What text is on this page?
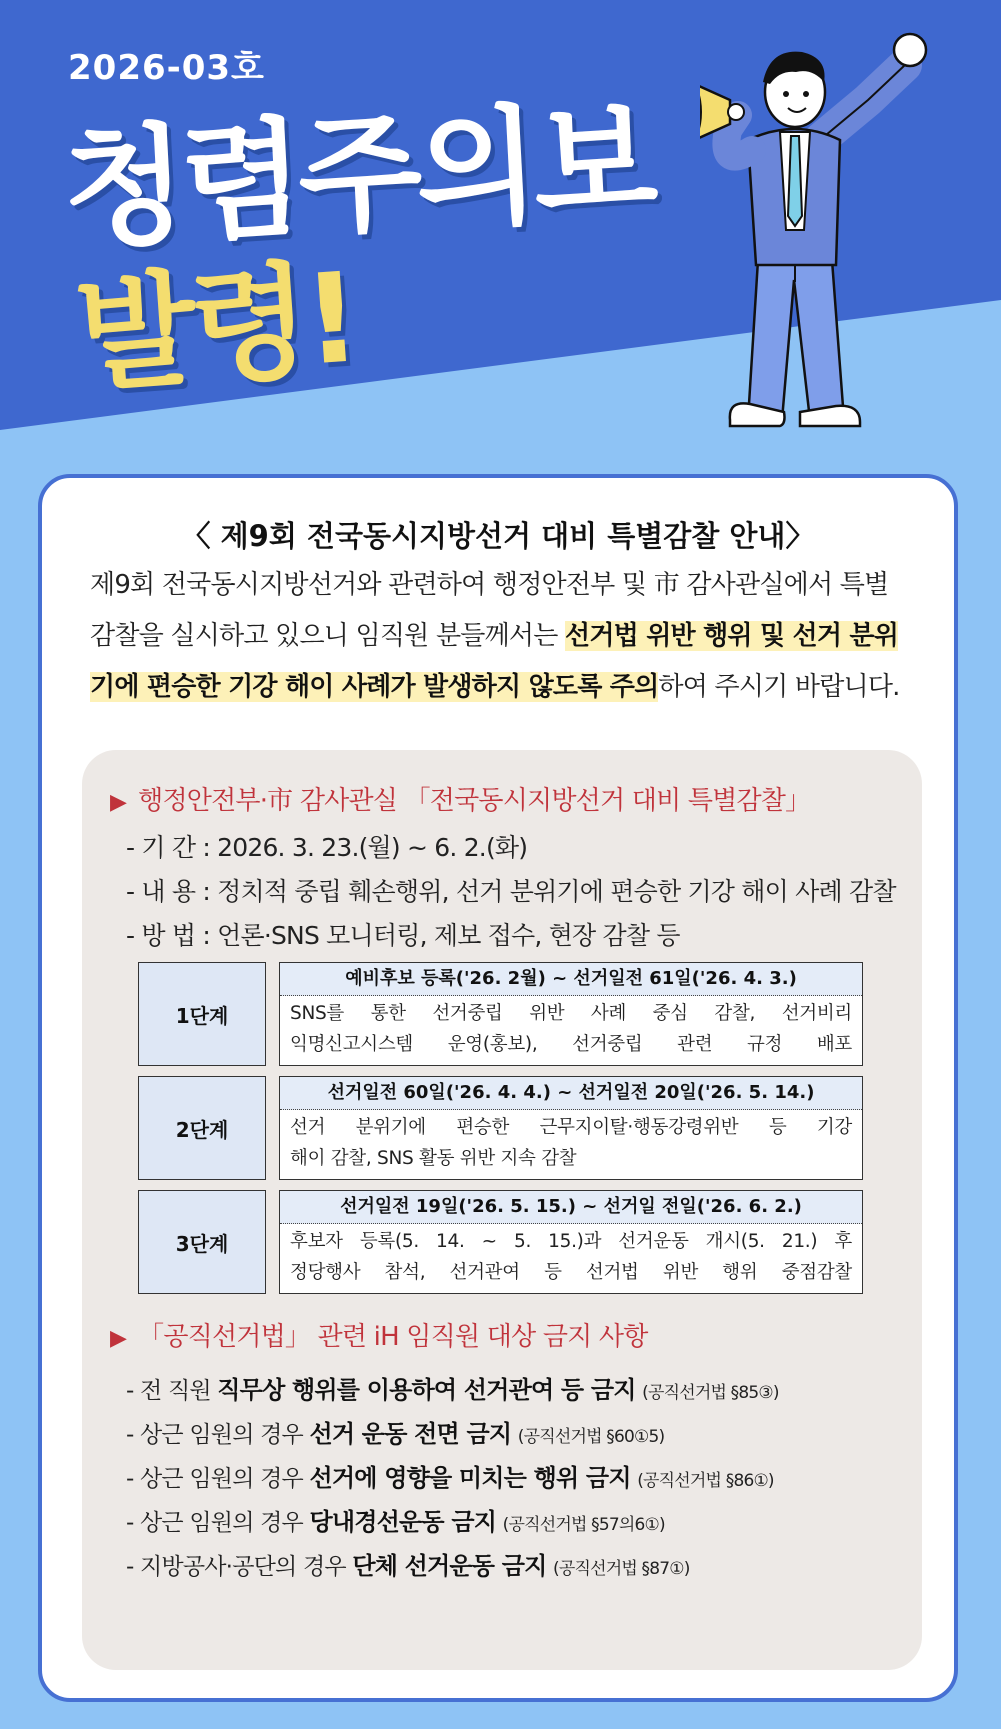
2026-03호
청렴주의보
발령!
〈 제9회 전국동시지방선거 대비 특별감찰 안내〉
제9회 전국동시지방선거와 관련하여 행정안전부 및 市 감사관실에서 특별감찰을 실시하고 있으니 임직원 분들께서는 선거법 위반 행위 및 선거 분위기에 편승한 기강 해이 사례가 발생하지 않도록 주의하여 주시기 바랍니다.
▶ 행정안전부·市 감사관실 「전국동시지방선거 대비 특별감찰」
- 기 간 : 2026. 3. 23.(월) ~ 6. 2.(화)
- 내 용 : 정치적 중립 훼손행위, 선거 분위기에 편승한 기강 해이 사례 감찰
- 방 법 : 언론·SNS 모니터링, 제보 접수, 현장 감찰 등
1단계
예비후보 등록('26. 2월) ~ 선거일전 61일('26. 4. 3.)
SNS를 통한 선거중립 위반 사례 중심 감찰, 선거비리
익명신고시스템 운영(홍보), 선거중립 관련 규정 배포
2단계
선거일전 60일('26. 4. 4.) ~ 선거일전 20일('26. 5. 14.)
선거 분위기에 편승한 근무지이탈·행동강령위반 등 기강
해이 감찰, SNS 활동 위반 지속 감찰
3단계
선거일전 19일('26. 5. 15.) ~ 선거일 전일('26. 6. 2.)
후보자 등록(5. 14. ~ 5. 15.)과 선거운동 개시(5. 21.) 후
정당행사 참석, 선거관여 등 선거법 위반 행위 중점감찰
▶ 「공직선거법」 관련 iH 임직원 대상 금지 사항
- 전 직원 직무상 행위를 이용하여 선거관여 등 금지 (공직선거법 §85③)
- 상근 임원의 경우 선거 운동 전면 금지 (공직선거법 §60①5)
- 상근 임원의 경우 선거에 영향을 미치는 행위 금지 (공직선거법 §86①)
- 상근 임원의 경우 당내경선운동 금지 (공직선거법 §57의6①)
- 지방공사·공단의 경우 단체 선거운동 금지 (공직선거법 §87①)
